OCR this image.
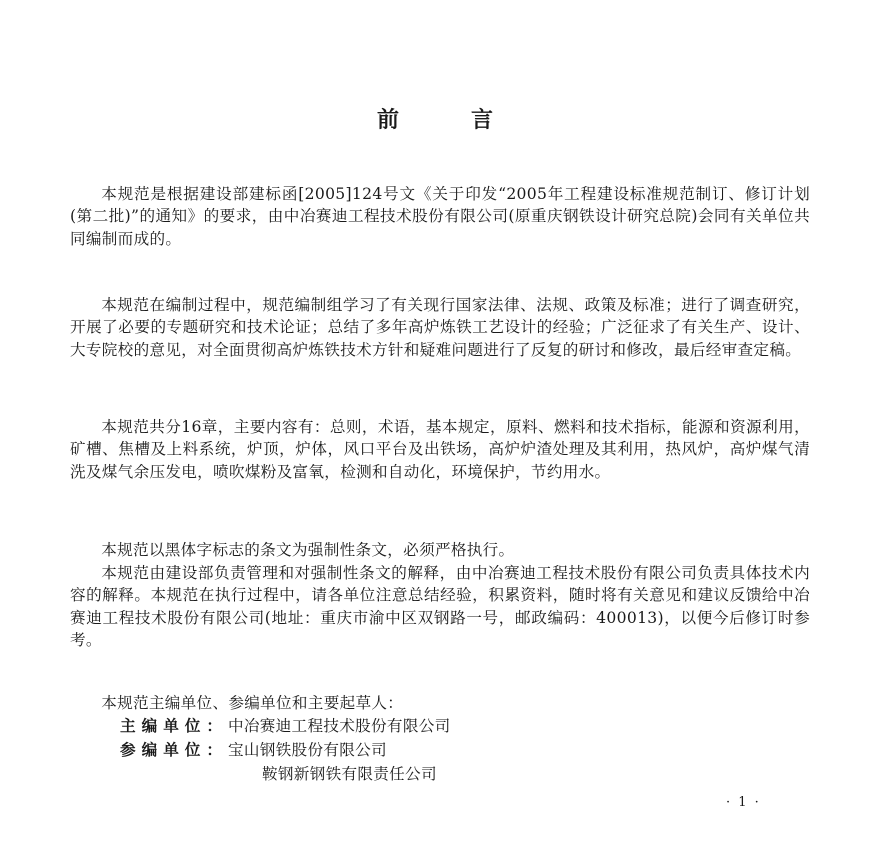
前	言
本规范是根据建设部建标函[2005]124号文《关于印发“2005年工程建设标准规范制订、修订计划(第二批)”的通知》的要求，由中冶赛迪工程技术股份有限公司(原重庆钢铁设计研究总院)会同有关单位共同编制而成的。
本规范在编制过程中，规范编制组学习了有关现行国家法律、法规、政策及标准；进行了调查研究，开展了必要的专题研究和技术论证；总结了多年高炉炼铁工艺设计的经验；广泛征求了有关生产、设计、大专院校的意见，对全面贯彻高炉炼铁技术方针和疑难问题进行了反复的研讨和修改，最后经审查定稿。
本规范共分16章，主要内容有：总则，术语，基本规定，原料、燃料和技术指标，能源和资源利用，矿槽、焦槽及上料系统，炉顶，炉体，风口平台及出铁场，高炉炉渣处理及其利用，热风炉，高炉煤气清洗及煤气余压发电，喷吹煤粉及富氧，检测和自动化，环境保护，节约用水。
本规范以黑体字标志的条文为强制性条文，必须严格执行。
本规范由建设部负责管理和对强制性条文的解释，由中冶赛迪工程技术股份有限公司负责具体技术内容的解释。本规范在执行过程中，请各单位注意总结经验，积累资料，随时将有关意见和建议反馈给中冶赛迪工程技术股份有限公司(地址：重庆市渝中区双钢路一号，邮政编码：400013)，以便今后修订时参考。
本规范主编单位、参编单位和主要起草人：
主编单位：中冶赛迪工程技术股份有限公司
参编单位：宝山钢铁股份有限公司
鞍钢新钢铁有限责任公司
· 1 ·
